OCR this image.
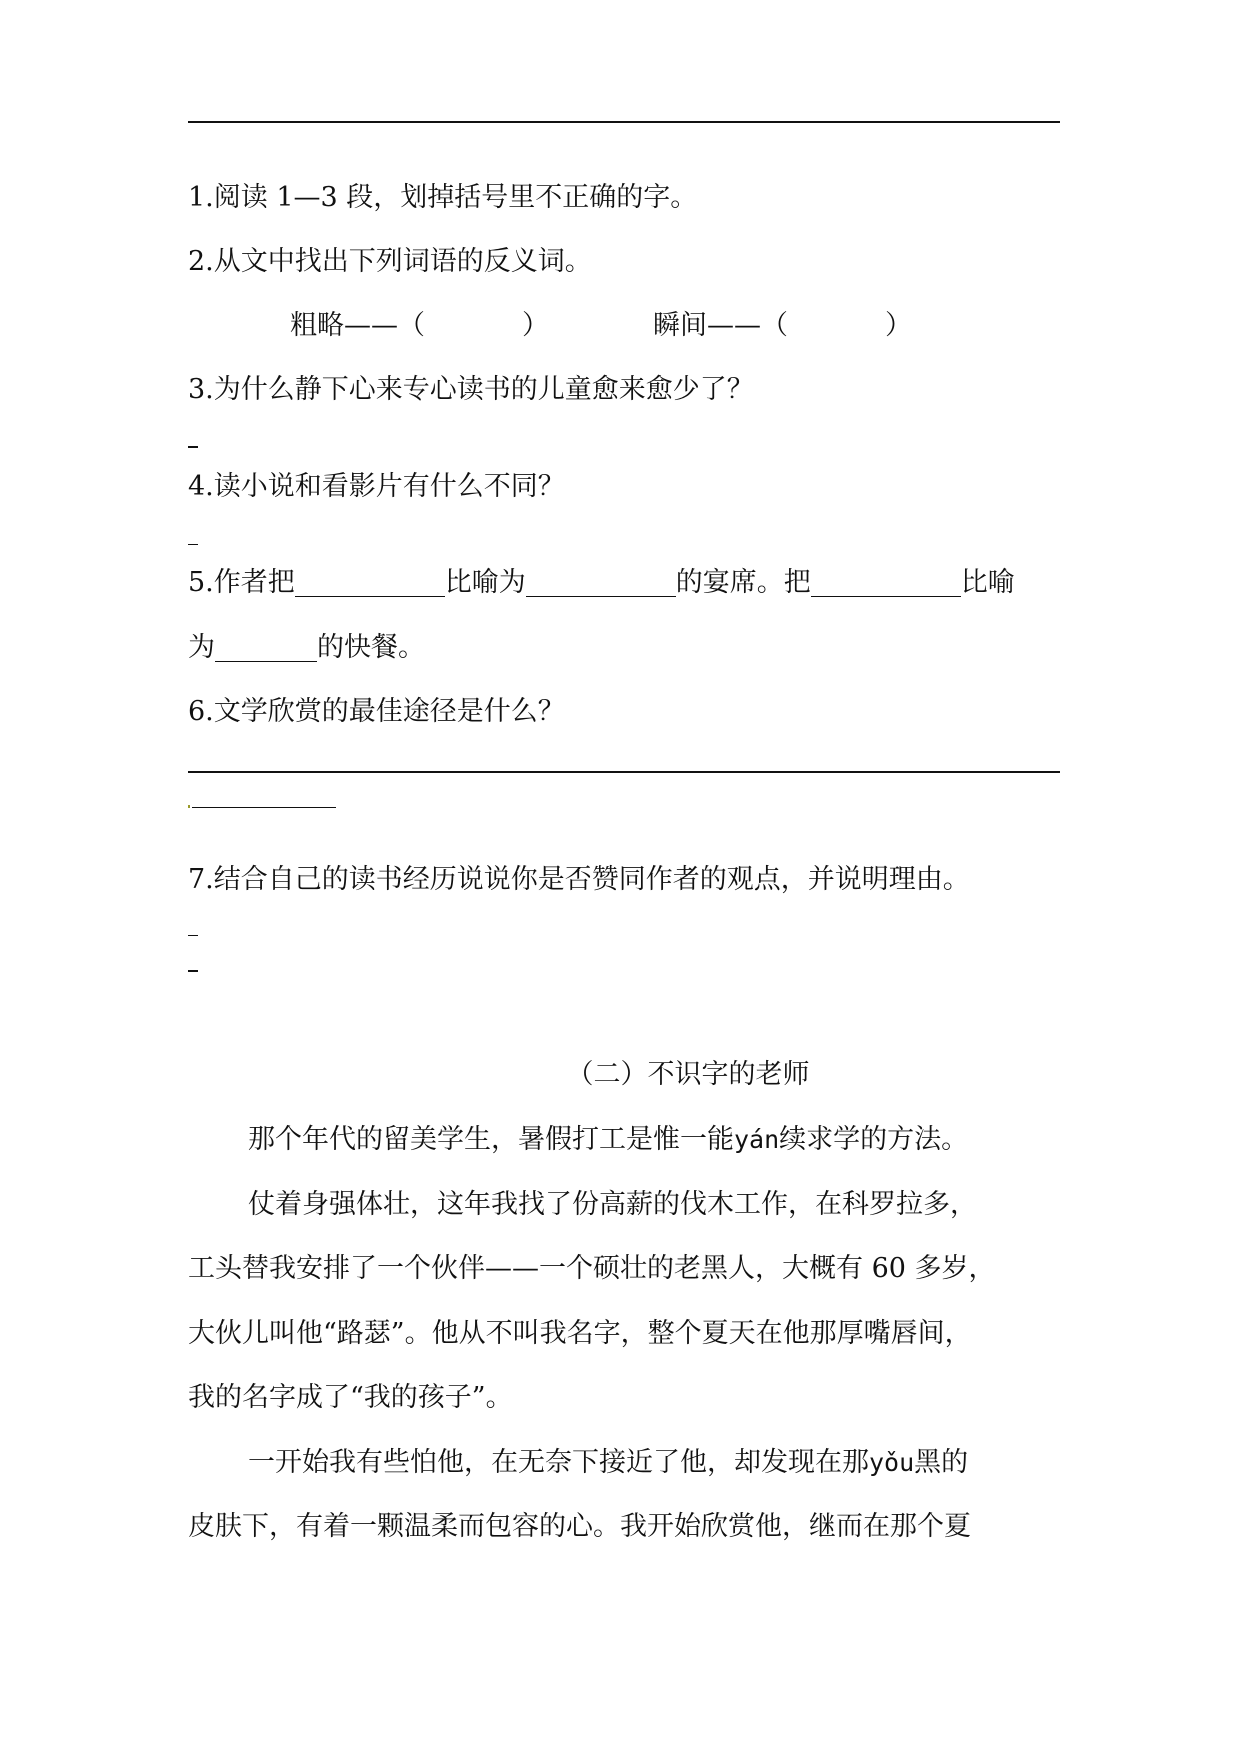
1.阅读 1—3 段，划掉括号里不正确的字。
2.从文中找出下列词语的反义词。
粗略——（	）	瞬间——（	）
3.为什么静下心来专心读书的儿童愈来愈少了？
4.读小说和看影片有什么不同？
5.作者把	比喻为	的宴席。把	比喻
为	的快餐。
6.文学欣赏的最佳途径是什么？
7.结合自己的读书经历说说你是否赞同作者的观点，并说明理由。
（二）不识字的老师
那个年代的留美学生，暑假打工是惟一能yán续求学的方法。
仗着身强体壮，这年我找了份高薪的伐木工作，在科罗拉多，
工头替我安排了一个伙伴——一个硕壮的老黑人，大概有 60 多岁，
大伙儿叫他“路瑟”。他从不叫我名字，整个夏天在他那厚嘴唇间，
我的名字成了“我的孩子”。
一开始我有些怕他，在无奈下接近了他，却发现在那yǒu黑的
皮肤下，有着一颗温柔而包容的心。我开始欣赏他，继而在那个夏
